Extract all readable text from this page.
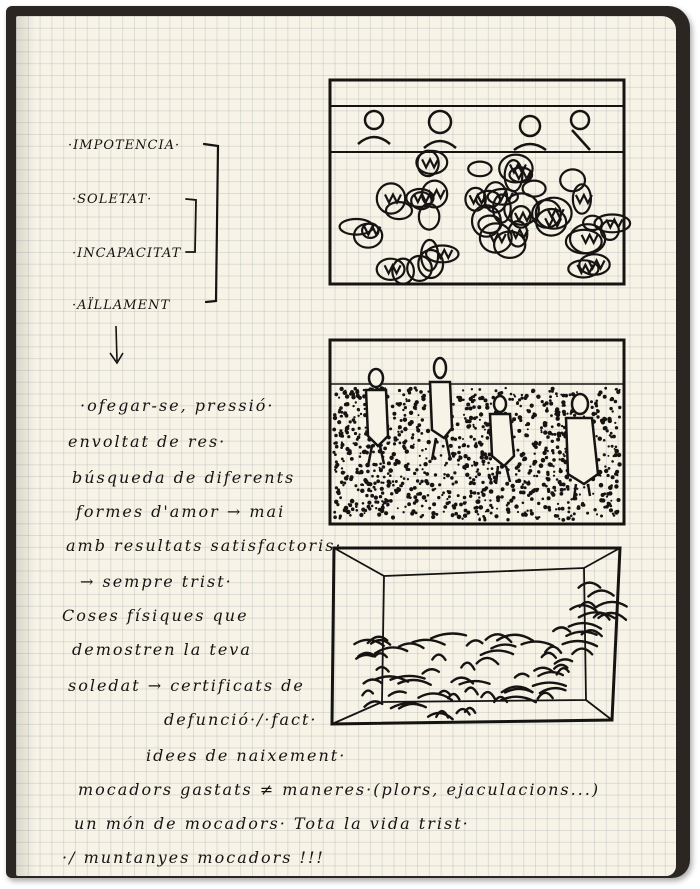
·IMPOTENCIA·

·SOLETAT·

·INCAPACITAT

·AÏLLAMENT

·ofegar-se, pressió·

envoltat de res·

búsqueda de diferents

formes d'amor → mai

amb resultats satisfactoris·

→ sempre trist·

Coses físiques que

demostren la teva

soledat → certificats de

defunció·/·fact·

idees de naixement·

mocadors gastats ≠ maneres·(plors, ejaculacions...)

un món de mocadors· Tota la vida trist·

·/ muntanyes mocadors !!!
